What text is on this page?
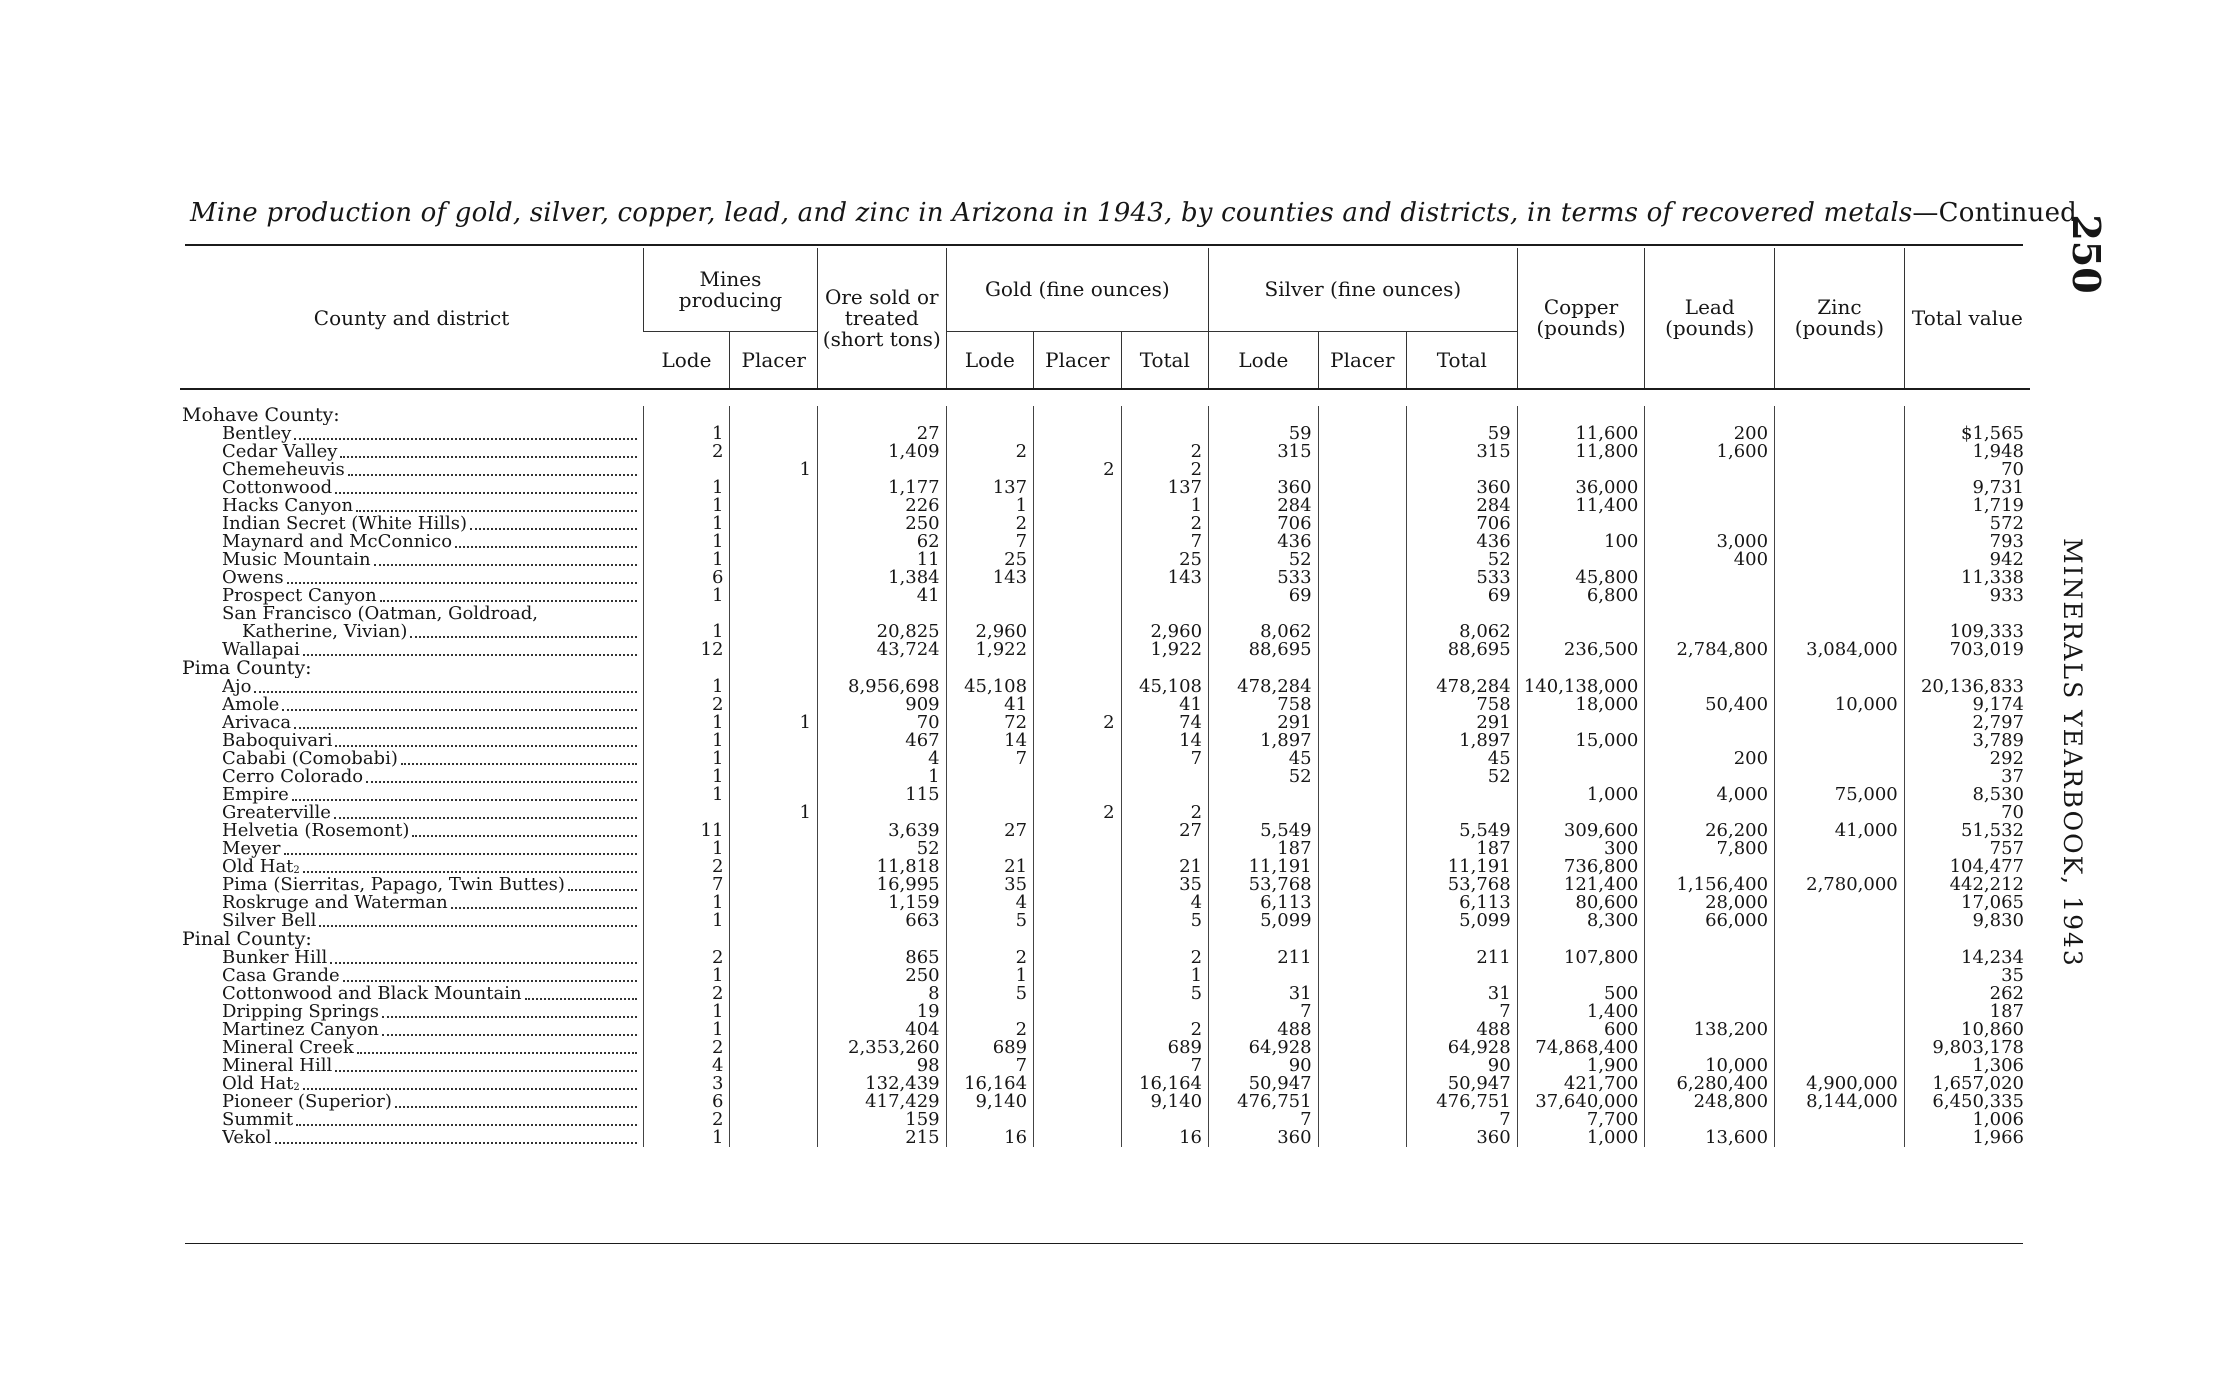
Mine production of gold, silver, copper, lead, and zinc in Arizona in 1943, by counties and districts, in terms of recovered metals—Continued
250
MINERALS YEARBOOK, 1943
County and district	Mines producing		Ore sold or treated (short tons)	Gold (fine ounces)			Silver (fine ounces)			Copper (pounds)	Lead (pounds)	Zinc (pounds)	Total value
	Lode	Placer		Lode	Placer	Total	Lode	Placer	Total				

Mohave County:													

Bentley	1		27				59		59	11,600	200		$1,565

Cedar Valley	2		1,409	2		2	315		315	11,800	1,600		1,948

Chemeheuvis		1			2	2							70

Cottonwood	1		1,177	137		137	360		360	36,000			9,731

Hacks Canyon	1		226	1		1	284		284	11,400			1,719

Indian Secret (White Hills)	1		250	2		2	706		706				572

Maynard and McConnico	1		62	7		7	436		436	100	3,000		793

Music Mountain	1		11	25		25	52		52		400		942

Owens	6		1,384	143		143	533		533	45,800			11,338

Prospect Canyon	1		41				69		69	6,800			933

San Francisco (Oatman, Goldroad,													

Katherine, Vivian)	1		20,825	2,960		2,960	8,062		8,062				109,333

Wallapai	12		43,724	1,922		1,922	88,695		88,695	236,500	2,784,800	3,084,000	703,019
Pima County:													

Ajo	1		8,956,698	45,108		45,108	478,284		478,284	140,138,000			20,136,833

Amole	2		909	41		41	758		758	18,000	50,400	10,000	9,174

Arivaca	1	1	70	72	2	74	291		291				2,797

Baboquivari	1		467	14		14	1,897		1,897	15,000			3,789

Cababi (Comobabi)	1		4	7		7	45		45		200		292

Cerro Colorado	1		1				52		52				37

Empire	1		115							1,000	4,000	75,000	8,530

Greaterville		1			2	2							70

Helvetia (Rosemont)	11		3,639	27		27	5,549		5,549	309,600	26,200	41,000	51,532

Meyer	1		52				187		187	300	7,800		757

Old Hat$_2$	2		11,818	21		21	11,191		11,191	736,800			104,477

Pima (Sierritas, Papago, Twin Buttes)	7		16,995	35		35	53,768		53,768	121,400	1,156,400	2,780,000	442,212

Roskruge and Waterman	1		1,159	4		4	6,113		6,113	80,600	28,000		17,065

Silver Bell	1		663	5		5	5,099		5,099	8,300	66,000		9,830
Pinal County:													

Bunker Hill	2		865	2		2	211		211	107,800			14,234

Casa Grande	1		250	1		1							35

Cottonwood and Black Mountain	2		8	5		5	31		31	500			262

Dripping Springs	1		19				7		7	1,400			187

Martinez Canyon	1		404	2		2	488		488	600	138,200		10,860

Mineral Creek	2		2,353,260	689		689	64,928		64,928	74,868,400			9,803,178

Mineral Hill	4		98	7		7	90		90	1,900	10,000		1,306

Old Hat$_2$	3		132,439	16,164		16,164	50,947		50,947	421,700	6,280,400	4,900,000	1,657,020

Pioneer (Superior)	6		417,429	9,140		9,140	476,751		476,751	37,640,000	248,800	8,144,000	6,450,335

Summit	2		159				7		7	7,700			1,006

Vekol	1		215	16		16	360		360	1,000	13,600		1,966
